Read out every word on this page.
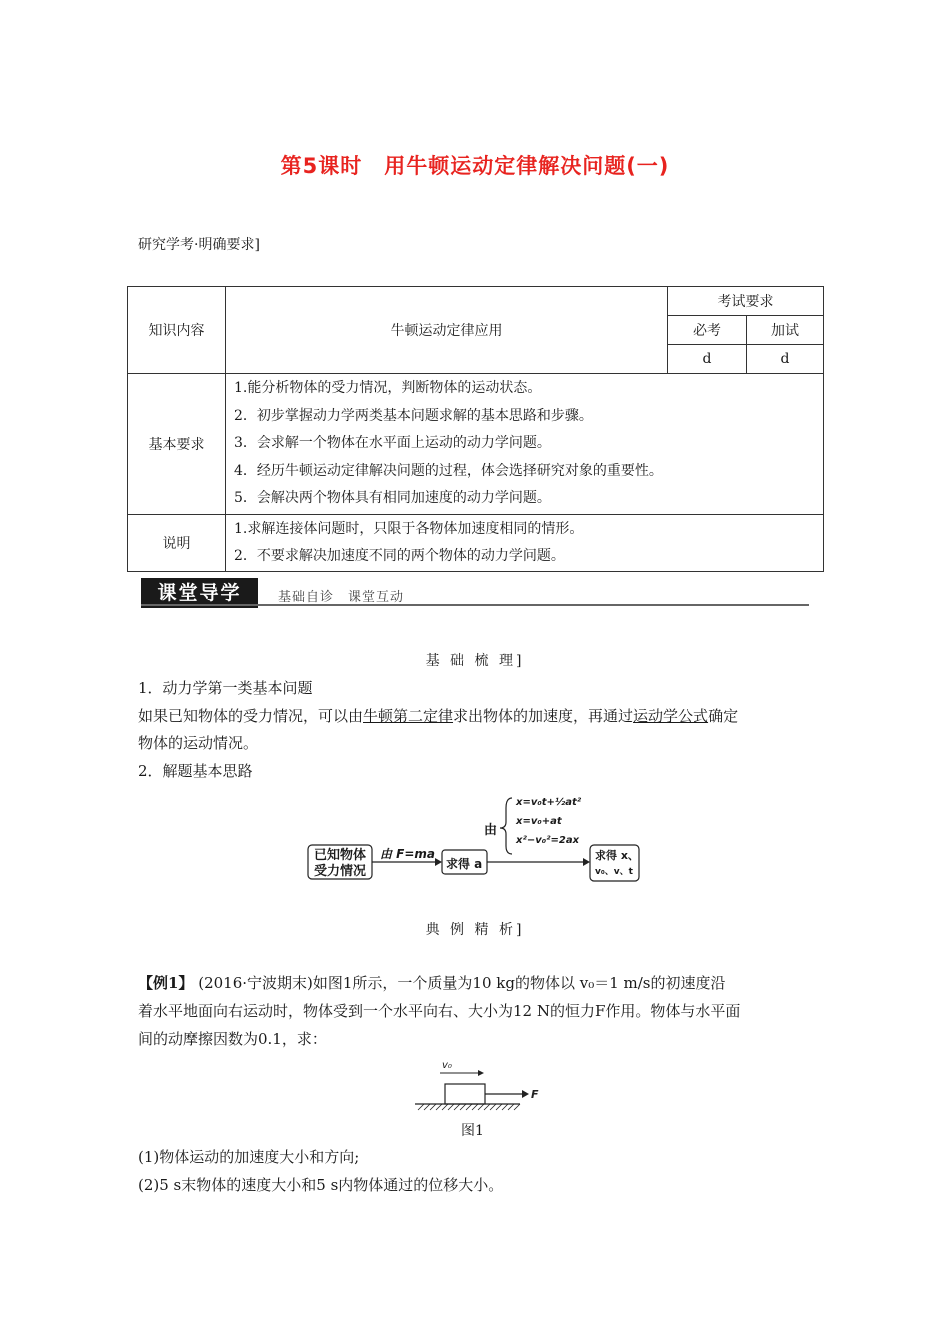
第5课时　用牛顿运动定律解决问题(一)
研究学考·明确要求]
知识内容	牛顿运动定律应用	考试要求	
		必考	加试
		d	d
基本要求	1.能分析物体的受力情况，判断物体的运动状态。
2．初步掌握动力学两类基本问题求解的基本思路和步骤。
3．会求解一个物体在水平面上运动的动力学问题。
4．经历牛顿运动定律解决问题的过程，体会选择研究对象的重要性。
5．会解决两个物体具有相同加速度的动力学问题。		

说明	1.求解连接体问题时，只限于各物体加速度相同的情形。
2．不要求解决加速度不同的两个物体的动力学问题。		
课堂导学	基础自诊　课堂互动
基 础 梳 理]
1．动力学第一类基本问题
如果已知物体的受力情况，可以由牛顿第二定律求出物体的加速度，再通过运动学公式确定
物体的运动情况。
2．解题基本思路
已知物体
受力情况
由 F=ma
求得 a
由
x=v₀t+½at²
x=v₀+at
x²−v₀²=2ax
求得 x、
v₀、v、t
典 例 精 析]
【例1】 (2016·宁波期末)如图1所示，一个质量为10 kg的物体以 v₀＝1 m/s的初速度沿
着水平地面向右运动时，物体受到一个水平向右、大小为12 N的恒力F作用。物体与水平面
间的动摩擦因数为0.1，求：
v₀
F
图1
(1)物体运动的加速度大小和方向;
(2)5 s末物体的速度大小和5 s内物体通过的位移大小。
